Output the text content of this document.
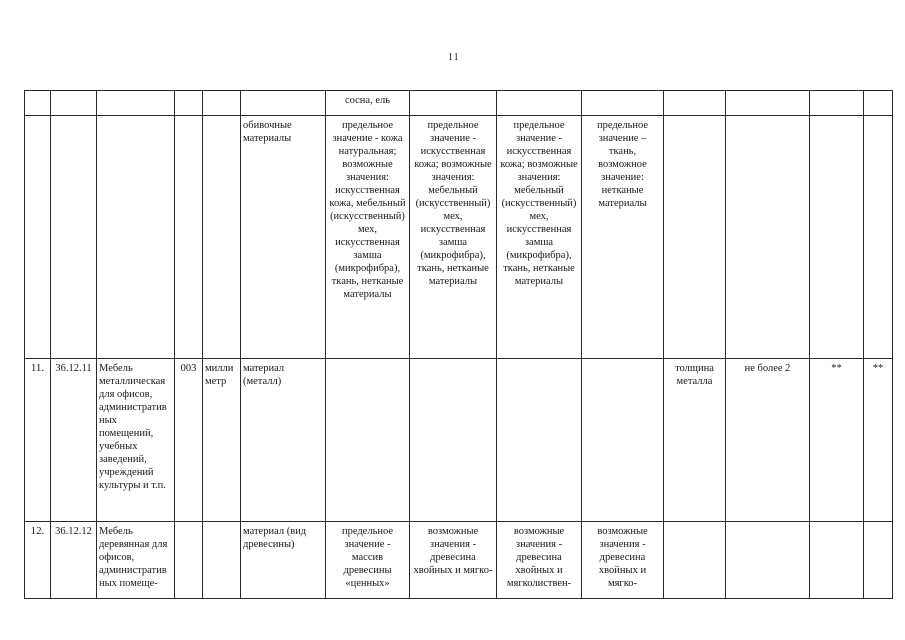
11
						сосна, ель							
					обивочные материалы	предельное значение - кожа натуральная; возможные значения: искусственная кожа, мебельный (искусственный) мех, искусственная замша (микрофибра), ткань, нетканые материалы	предельное значение - искусственная кожа; возможные значения: мебельный (искусственный) мех, искусственная замша (микрофибра), ткань, нетканые материалы	предельное значение - искусственная кожа; возможные значения: мебельный (искусственный) мех, искусственная замша (микрофибра), ткань, нетканые материалы	предельное значение – ткань, возможное значение: нетканые материалы				
11.	36.12.11	Мебель металлическая для офисов, административных помещений, учебных заведений, учреждений культуры и т.п.	003	миллиметр	материал (металл)					толщина металла	не более 2	**	**
12.	36.12.12	Мебель деревянная для офисов, административных помеще-			материал (вид древесины)	предельное значение - массив древесины «ценных»	возможные значения - древесина хвойных и мягко-	возможные значения - древесина хвойных и мягколиствен-	возможные значения - древесина хвойных и мягко-				
